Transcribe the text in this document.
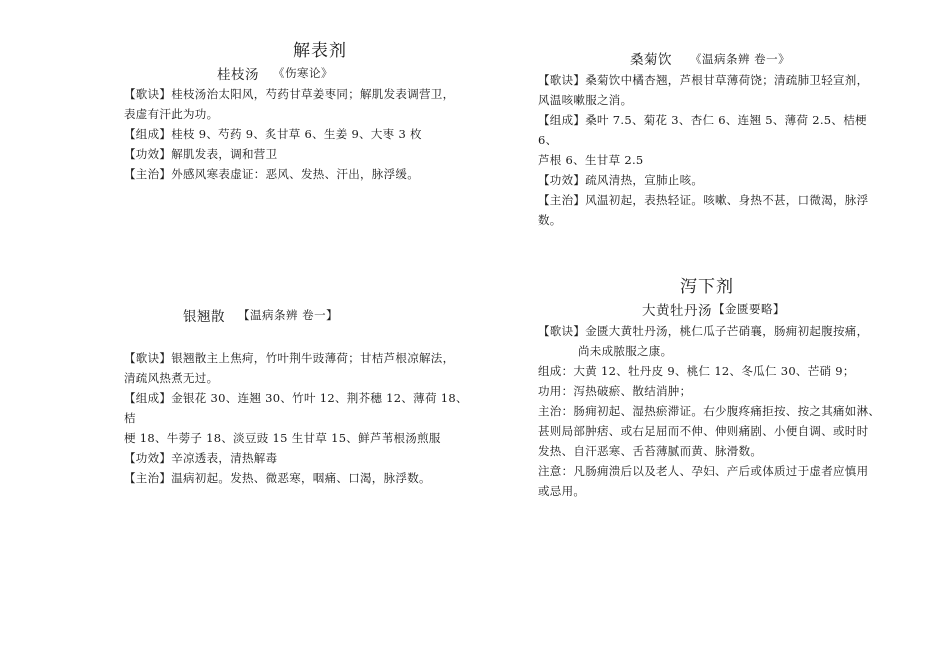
解表剂
桂枝汤 《伤寒论》
【歌诀】桂枝汤治太阳风，芍药甘草姜枣同；解肌发表调营卫，
表虚有汗此为功。
【组成】桂枝 9、芍药 9、炙甘草 6、生姜 9、大枣 3 枚
【功效】解肌发表，调和营卫
【主治】外感风寒表虚证：恶风、发热、汗出，脉浮缓。
桑菊饮 《温病条辨 卷一》
【歌诀】桑菊饮中橘杏翘，芦根甘草薄荷饶；清疏肺卫轻宣剂，
风温咳嗽服之消。
【组成】桑叶 7.5、菊花 3、杏仁 6、连翘 5、薄荷 2.5、桔梗 6、
芦根 6、生甘草 2.5
【功效】疏风清热，宣肺止咳。
【主治】风温初起，表热轻证。咳嗽、身热不甚，口微渴，脉浮
数。
银翘散 【温病条辨 卷一】
【歌诀】银翘散主上焦疴，竹叶荆牛豉薄荷；甘桔芦根凉解法，
清疏风热煮无过。
【组成】金银花 30、连翘 30、竹叶 12、荆芥穗 12、薄荷 18、桔
梗 18、牛蒡子 18、淡豆豉 15 生甘草 15、鲜芦苇根汤煎服
【功效】辛凉透表，清热解毒
【主治】温病初起。发热、微恶寒，咽痛、口渴，脉浮数。
泻下剂
大黄牡丹汤 【金匮要略】
【歌诀】金匮大黄牡丹汤，桃仁瓜子芒硝襄，肠痈初起腹按痛，
尚未成脓服之康。
组成：大黄 12、牡丹皮 9、桃仁 12、冬瓜仁 30、芒硝 9；
功用：泻热破瘀、散结消肿；
主治：肠痈初起、湿热瘀滞证。右少腹疼痛拒按、按之其痛如淋、
甚则局部肿痞、或右足屈而不伸、伸则痛剧、小便自调、或时时
发热、自汗恶寒、舌苔薄腻而黄、脉滑数。
注意：凡肠痈溃后以及老人、孕妇、产后或体质过于虚者应慎用
或忌用。
